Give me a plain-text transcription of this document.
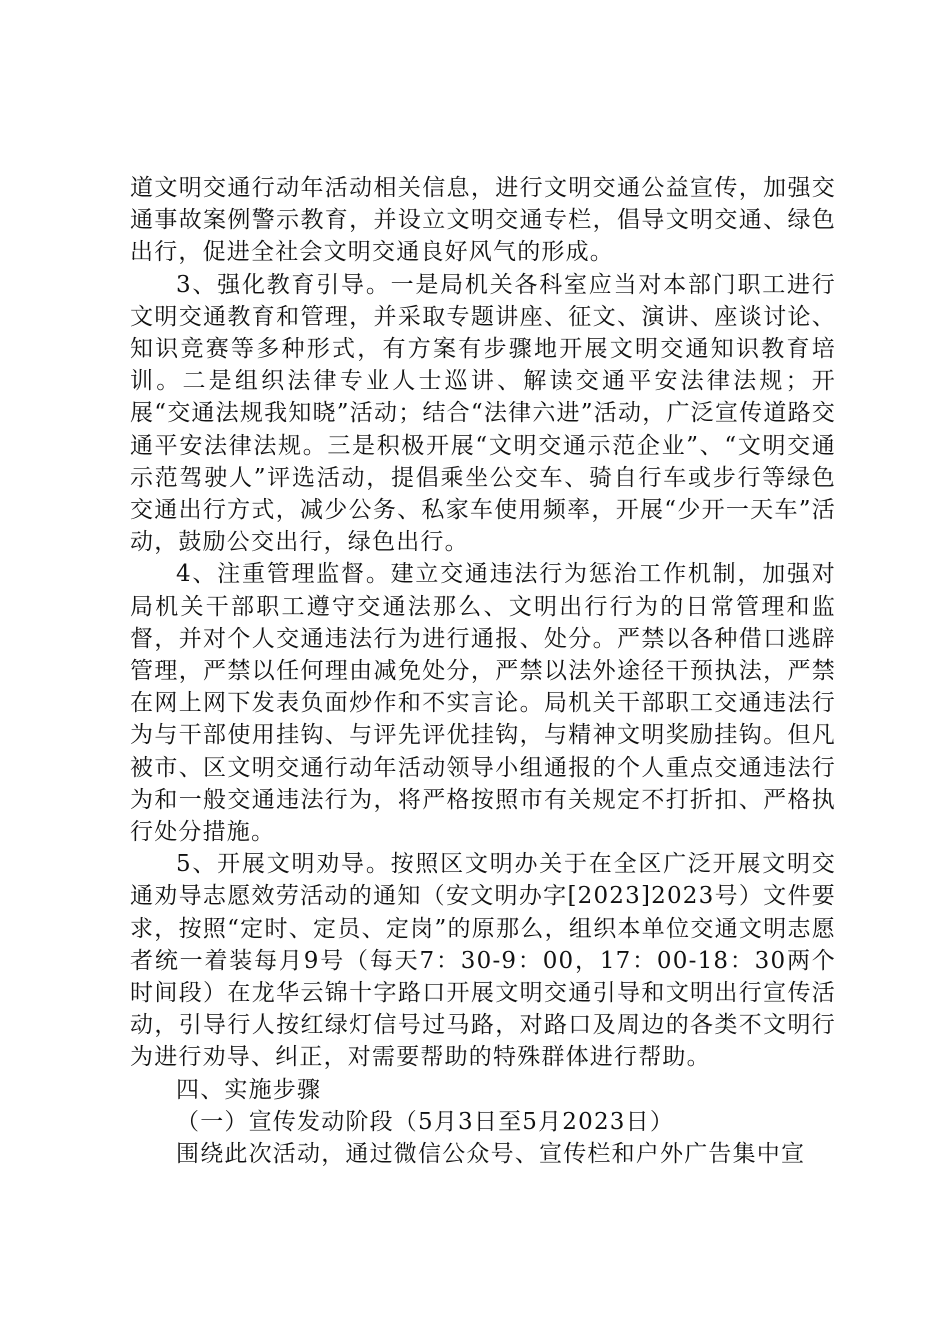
道文明交通行动年活动相关信息，进行文明交通公益宣传，加强交通事故案例警示教育，并设立文明交通专栏，倡导文明交通、绿色出行，促进全社会文明交通良好风气的形成。

3、强化教育引导。一是局机关各科室应当对本部门职工进行文明交通教育和管理，并采取专题讲座、征文、演讲、座谈讨论、知识竞赛等多种形式，有方案有步骤地开展文明交通知识教育培训。二是组织法律专业人士巡讲、解读交通平安法律法规；开展“交通法规我知晓”活动；结合“法律六进”活动，广泛宣传道路交通平安法律法规。三是积极开展“文明交通示范企业”、“文明交通示范驾驶人”评选活动，提倡乘坐公交车、骑自行车或步行等绿色交通出行方式，减少公务、私家车使用频率，开展“少开一天车”活动，鼓励公交出行，绿色出行。

4、注重管理监督。建立交通违法行为惩治工作机制，加强对局机关干部职工遵守交通法那么、文明出行行为的日常管理和监督，并对个人交通违法行为进行通报、处分。严禁以各种借口逃辟管理，严禁以任何理由减免处分，严禁以法外途径干预执法，严禁在网上网下发表负面炒作和不实言论。局机关干部职工交通违法行为与干部使用挂钩、与评先评优挂钩，与精神文明奖励挂钩。但凡被市、区文明交通行动年活动领导小组通报的个人重点交通违法行为和一般交通违法行为，将严格按照市有关规定不打折扣、严格执行处分措施。

5、开展文明劝导。按照区文明办关于在全区广泛开展文明交通劝导志愿效劳活动的通知（安文明办字[2023]2023号）文件要求，按照“定时、定员、定岗”的原那么，组织本单位交通文明志愿者统一着装每月9号（每天7：30-9：00，17：00-18：30两个时间段）在龙华云锦十字路口开展文明交通引导和文明出行宣传活动，引导行人按红绿灯信号过马路，对路口及周边的各类不文明行为进行劝导、纠正，对需要帮助的特殊群体进行帮助。

四、实施步骤

（一）宣传发动阶段（5月3日至5月2023日）

围绕此次活动，通过微信公众号、宣传栏和户外广告集中宣
